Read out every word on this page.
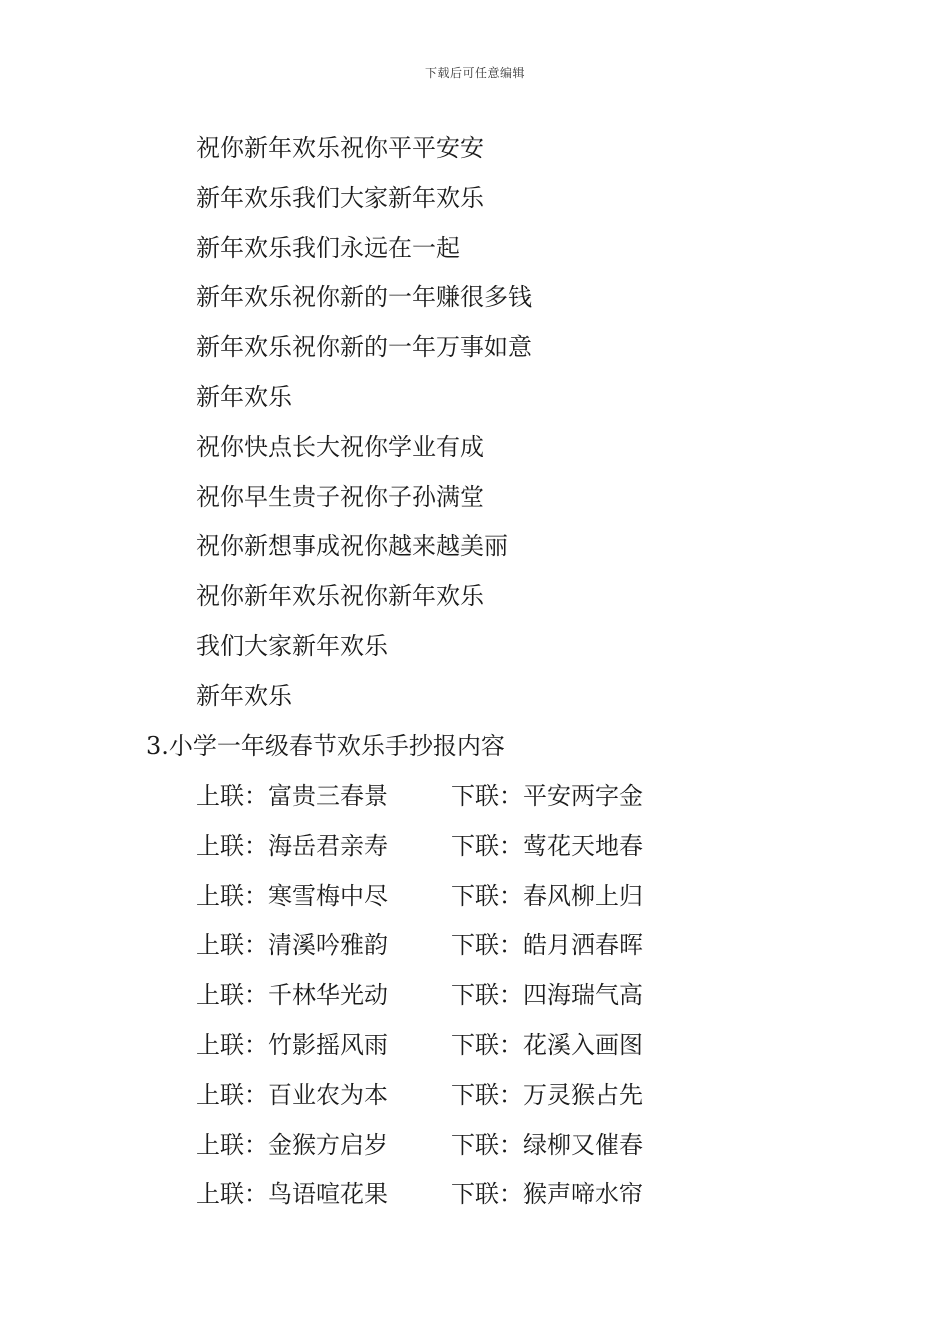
下载后可任意编辑
祝你新年欢乐祝你平平安安
新年欢乐我们大家新年欢乐
新年欢乐我们永远在一起
新年欢乐祝你新的一年赚很多钱
新年欢乐祝你新的一年万事如意
新年欢乐
祝你快点长大祝你学业有成
祝你早生贵子祝你子孙满堂
祝你新想事成祝你越来越美丽
祝你新年欢乐祝你新年欢乐
我们大家新年欢乐
新年欢乐
3.小学一年级春节欢乐手抄报内容
上联：富贵三春景	下联：平安两字金
上联：海岳君亲寿	下联：莺花天地春
上联：寒雪梅中尽	下联：春风柳上归
上联：清溪吟雅韵	下联：皓月洒春晖
上联：千林华光动	下联：四海瑞气高
上联：竹影摇风雨	下联：花溪入画图
上联：百业农为本	下联：万灵猴占先
上联：金猴方启岁	下联：绿柳又催春
上联：鸟语喧花果	下联：猴声啼水帘
